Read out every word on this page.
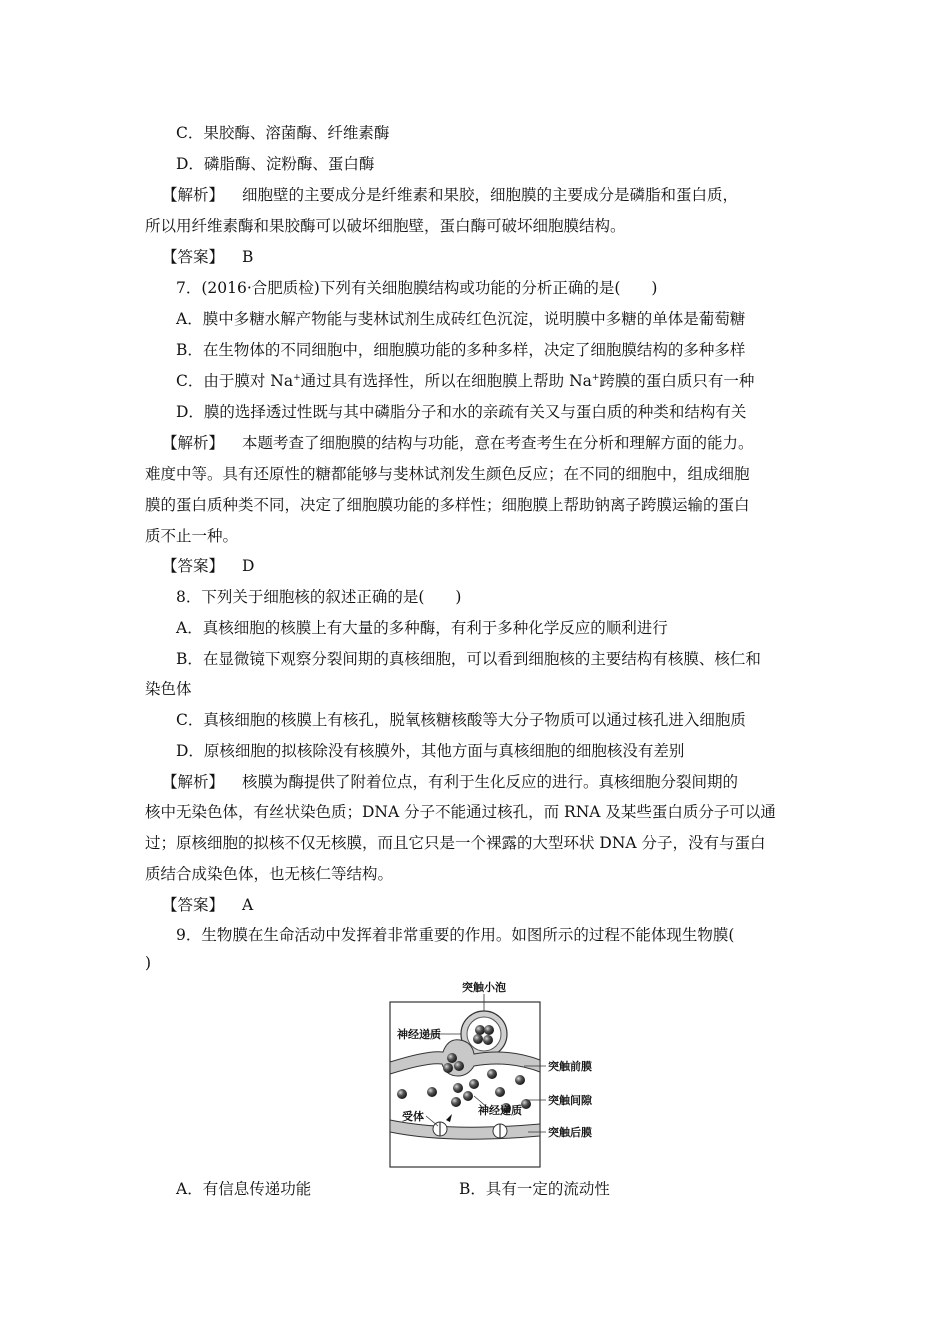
C．果胶酶、溶菌酶、纤维素酶
D．磷脂酶、淀粉酶、蛋白酶
【解析】 细胞壁的主要成分是纤维素和果胶，细胞膜的主要成分是磷脂和蛋白质，
所以用纤维素酶和果胶酶可以破坏细胞壁，蛋白酶可破坏细胞膜结构。
【答案】 B
7．(2016·合肥质检)下列有关细胞膜结构或功能的分析正确的是(　　)
A．膜中多糖水解产物能与斐林试剂生成砖红色沉淀，说明膜中多糖的单体是葡萄糖
B．在生物体的不同细胞中，细胞膜功能的多种多样，决定了细胞膜结构的多种多样
C．由于膜对 Na+通过具有选择性，所以在细胞膜上帮助 Na+跨膜的蛋白质只有一种
D．膜的选择透过性既与其中磷脂分子和水的亲疏有关又与蛋白质的种类和结构有关
【解析】 本题考查了细胞膜的结构与功能，意在考查考生在分析和理解方面的能力。
难度中等。具有还原性的糖都能够与斐林试剂发生颜色反应；在不同的细胞中，组成细胞
膜的蛋白质种类不同，决定了细胞膜功能的多样性；细胞膜上帮助钠离子跨膜运输的蛋白
质不止一种。
【答案】 D
8．下列关于细胞核的叙述正确的是(　　)
A．真核细胞的核膜上有大量的多种酶，有利于多种化学反应的顺利进行
B．在显微镜下观察分裂间期的真核细胞，可以看到细胞核的主要结构有核膜、核仁和
染色体
C．真核细胞的核膜上有核孔，脱氧核糖核酸等大分子物质可以通过核孔进入细胞质
D．原核细胞的拟核除没有核膜外，其他方面与真核细胞的细胞核没有差别
【解析】 核膜为酶提供了附着位点，有利于生化反应的进行。真核细胞分裂间期的
核中无染色体，有丝状染色质；DNA 分子不能通过核孔，而 RNA 及某些蛋白质分子可以通
过；原核细胞的拟核不仅无核膜，而且它只是一个裸露的大型环状 DNA 分子，没有与蛋白
质结合成染色体，也无核仁等结构。
【答案】 A
9．生物膜在生命活动中发挥着非常重要的作用。如图所示的过程不能体现生物膜(
)
突触小泡
神经递质
突触前膜
突触间隙
神经递质
受体
突触后膜
A．有信息传递功能	B．具有一定的流动性
